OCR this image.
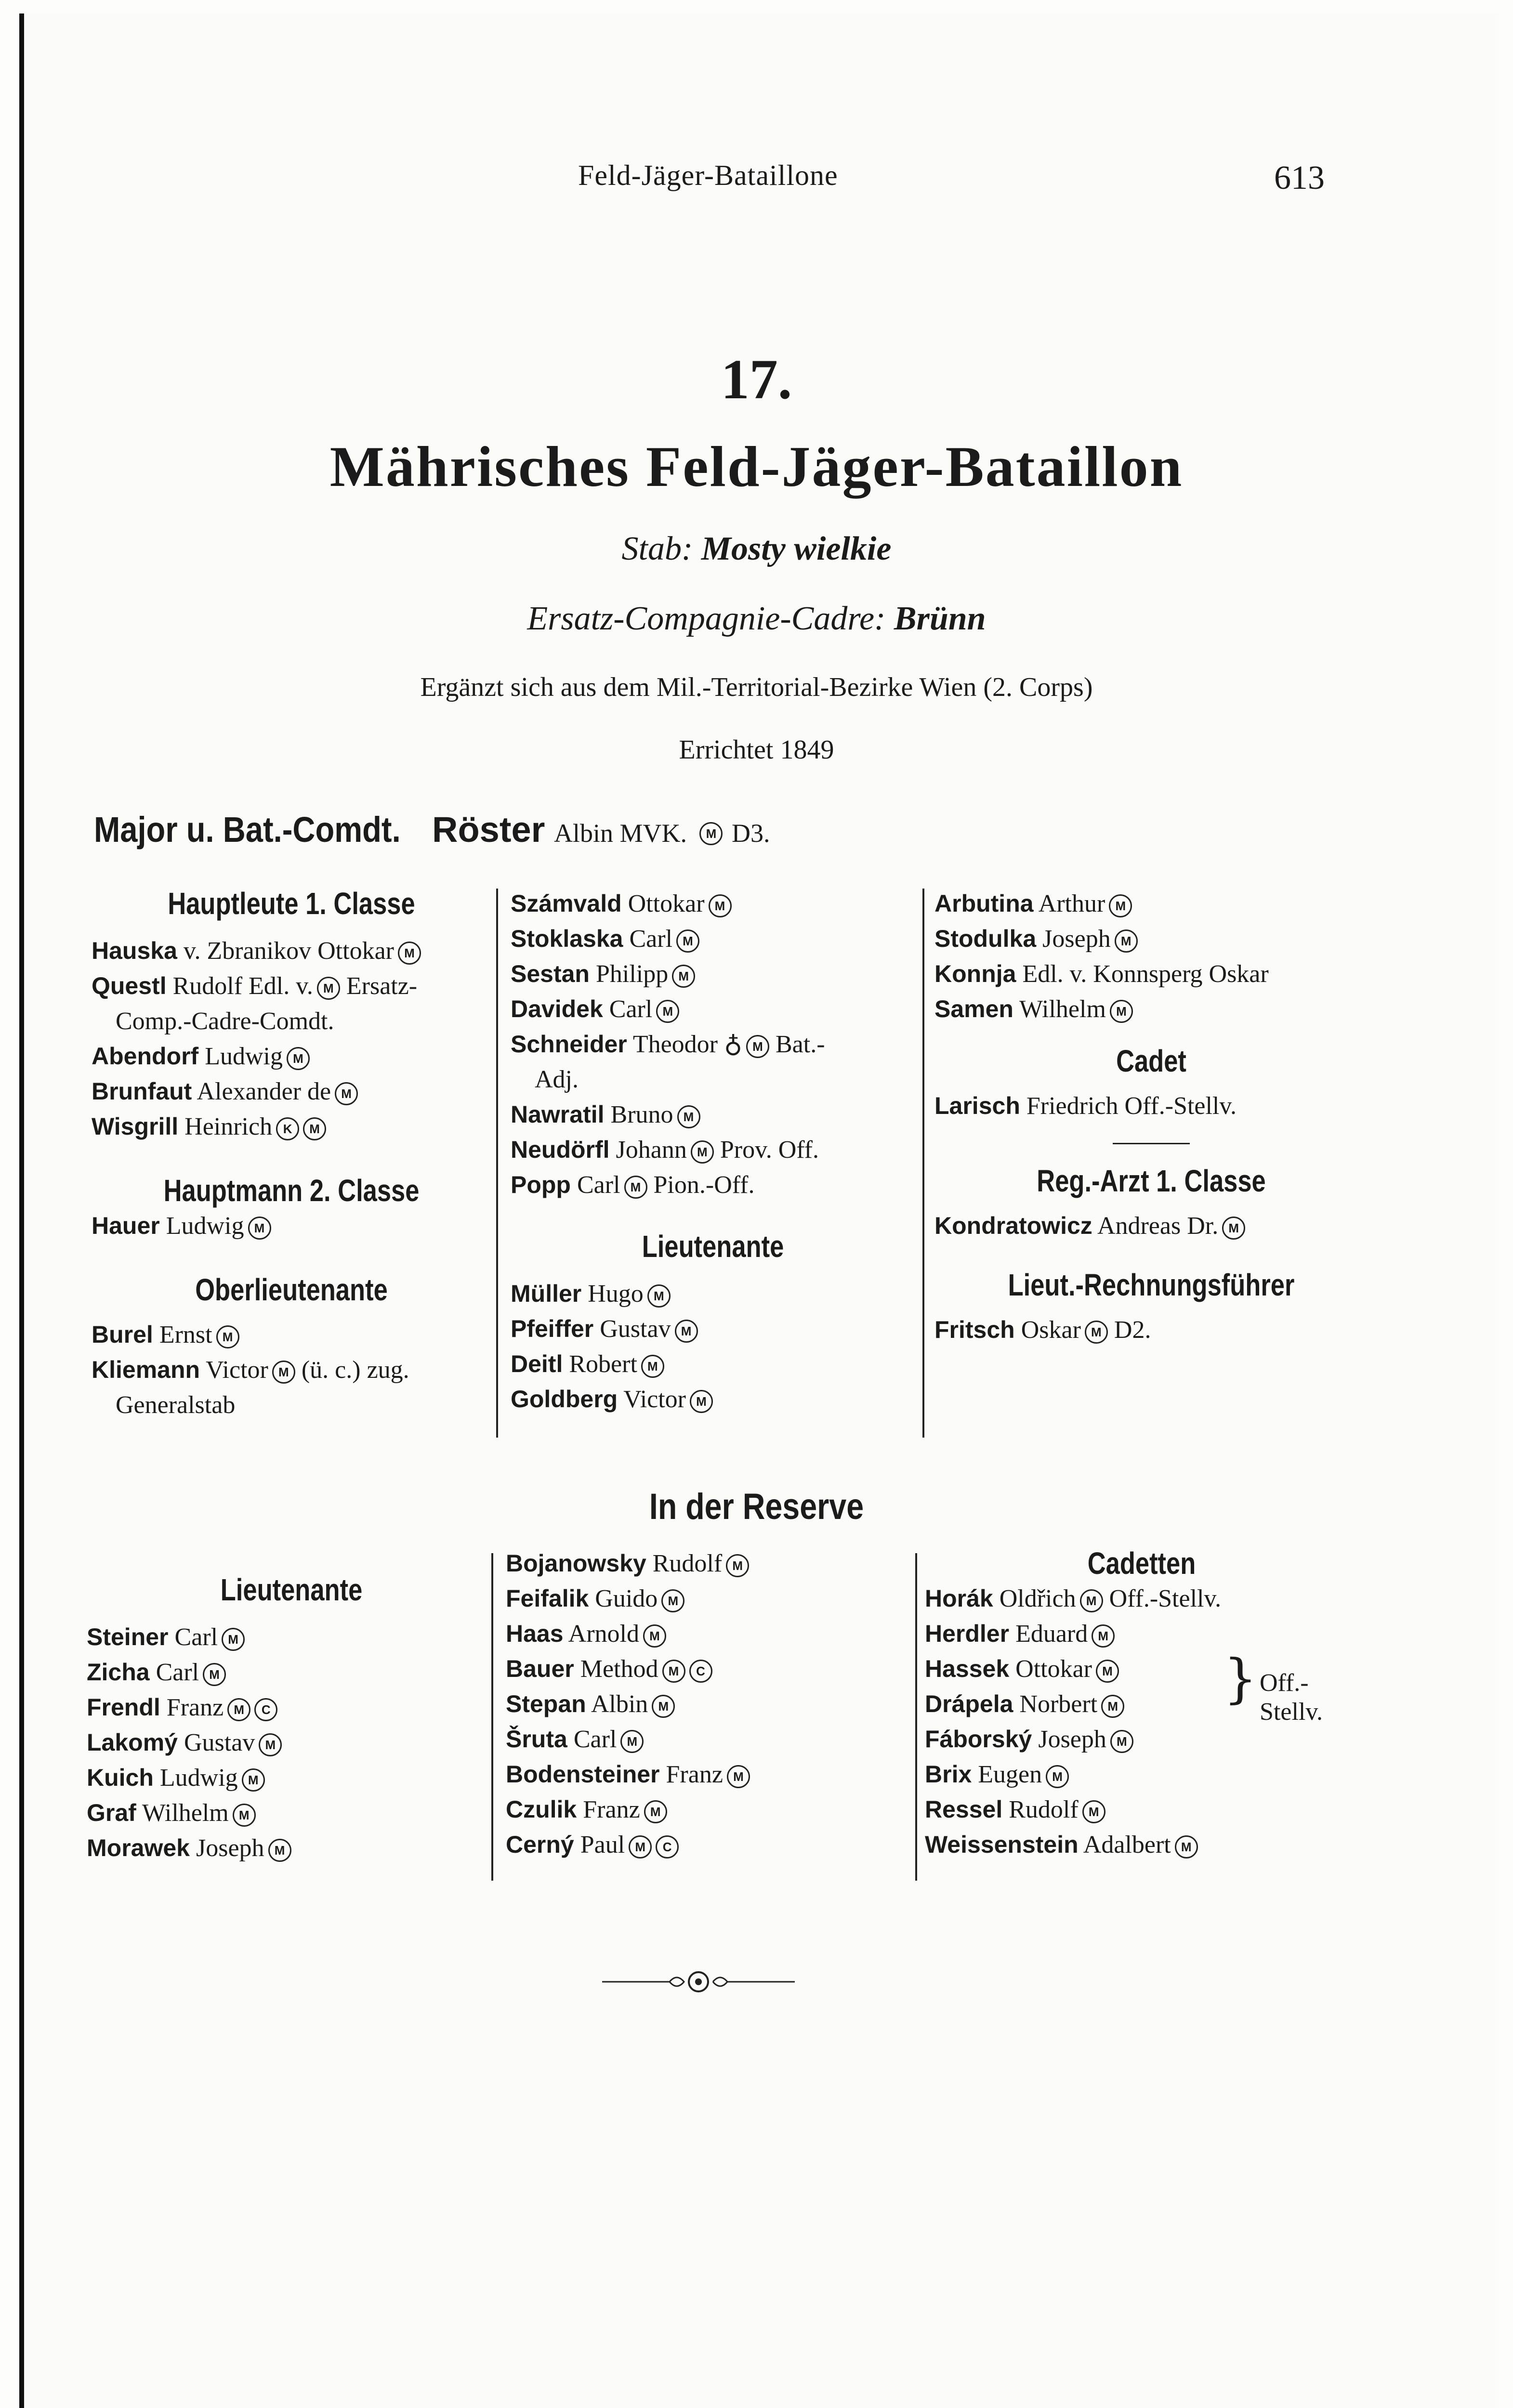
Feld-Jäger-Bataillone	613
17.
Mährisches Feld-Jäger-Bataillon
Stab: Mosty wielkie
Ersatz-Compagnie-Cadre: Brünn
Ergänzt sich aus dem Mil.-Territorial-Bezirke Wien (2. Corps)
Errichtet 1849
Major u. Bat.-Comdt. Röster Albin MVK. M D3.
Hauptleute 1. Classe
Hauska v. Zbranikov Ottokar M
Questl Rudolf Edl. v. M Ersatz-
Comp.-Cadre-Comdt.
Abendorf Ludwig M
Brunfaut Alexander de M
Wisgrill Heinrich K M
Hauptmann 2. Classe
Hauer Ludwig M
Oberlieutenante
Burel Ernst M
Kliemann Victor M (ü. c.) zug.
Generalstab
Számvald Ottokar M
Stoklaska Carl M
Sestan Philipp M
Davidek Carl M
Schneider Theodor ♁ M Bat.-
Adj.
Nawratil Bruno M
Neudörfl Johann M Prov. Off.
Popp Carl M Pion.-Off.
Lieutenante
Müller Hugo M
Pfeiffer Gustav M
Deitl Robert M
Goldberg Victor M
Arbutina Arthur M
Stodulka Joseph M
Konnja Edl. v. Konnsperg Oskar
Samen Wilhelm M
Cadet
Larisch Friedrich Off.-Stellv.
Reg.-Arzt 1. Classe
Kondratowicz Andreas Dr. M
Lieut.-Rechnungsführer
Fritsch Oskar M D2.
In der Reserve
Lieutenante
Steiner Carl M
Zicha Carl M
Frendl Franz M C
Lakomý Gustav M
Kuich Ludwig M
Graf Wilhelm M
Morawek Joseph M
Bojanowsky Rudolf M
Feifalik Guido M
Haas Arnold M
Bauer Method M C
Stepan Albin M
Šruta Carl M
Bodensteiner Franz M
Czulik Franz M
Cerný Paul M C
Cadetten
Horák Oldřich M Off.-Stellv.
Herdler Eduard M
Hassek Ottokar M
Drápela Norbert M
Fáborský Joseph M
Brix Eugen M
Ressel Rudolf M
Weissenstein Adalbert M
} Off.-
Stellv.
